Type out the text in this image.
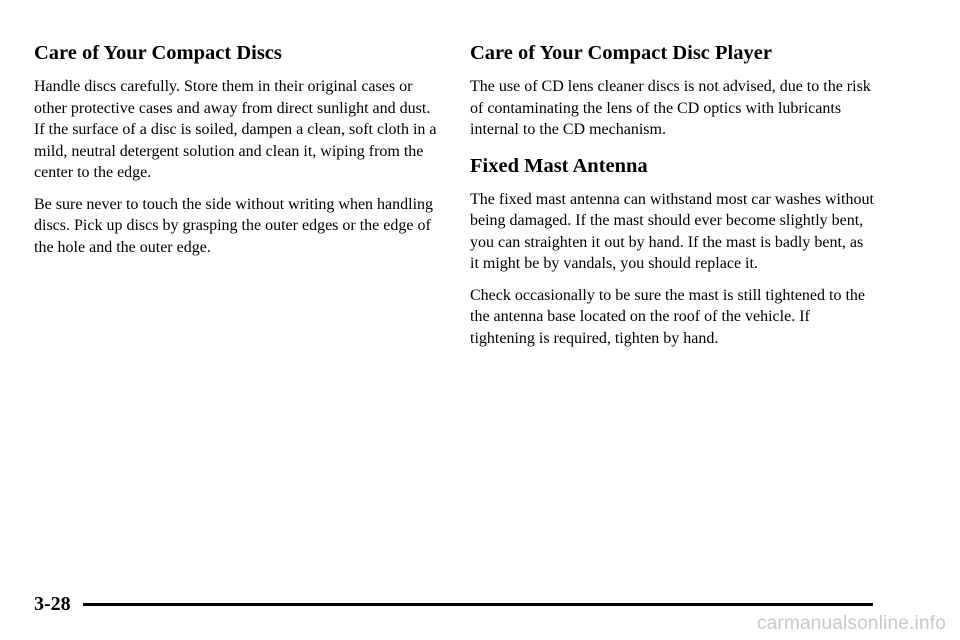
Care of Your Compact Discs

Handle discs carefully. Store them in their original cases or other protective cases and away from direct sunlight and dust. If the surface of a disc is soiled, dampen a clean, soft cloth in a mild, neutral detergent solution and clean it, wiping from the center to the edge.

Be sure never to touch the side without writing when handling discs. Pick up discs by grasping the outer edges or the edge of the hole and the outer edge.

Care of Your Compact Disc Player

The use of CD lens cleaner discs is not advised, due to the risk of contaminating the lens of the CD optics with lubricants internal to the CD mechanism.

Fixed Mast Antenna

The fixed mast antenna can withstand most car washes without being damaged. If the mast should ever become slightly bent, you can straighten it out by hand. If the mast is badly bent, as it might be by vandals, you should replace it.

Check occasionally to be sure the mast is still tightened to the the antenna base located on the roof of the vehicle. If tightening is required, tighten by hand.

3-28
carmanualsonline.info
